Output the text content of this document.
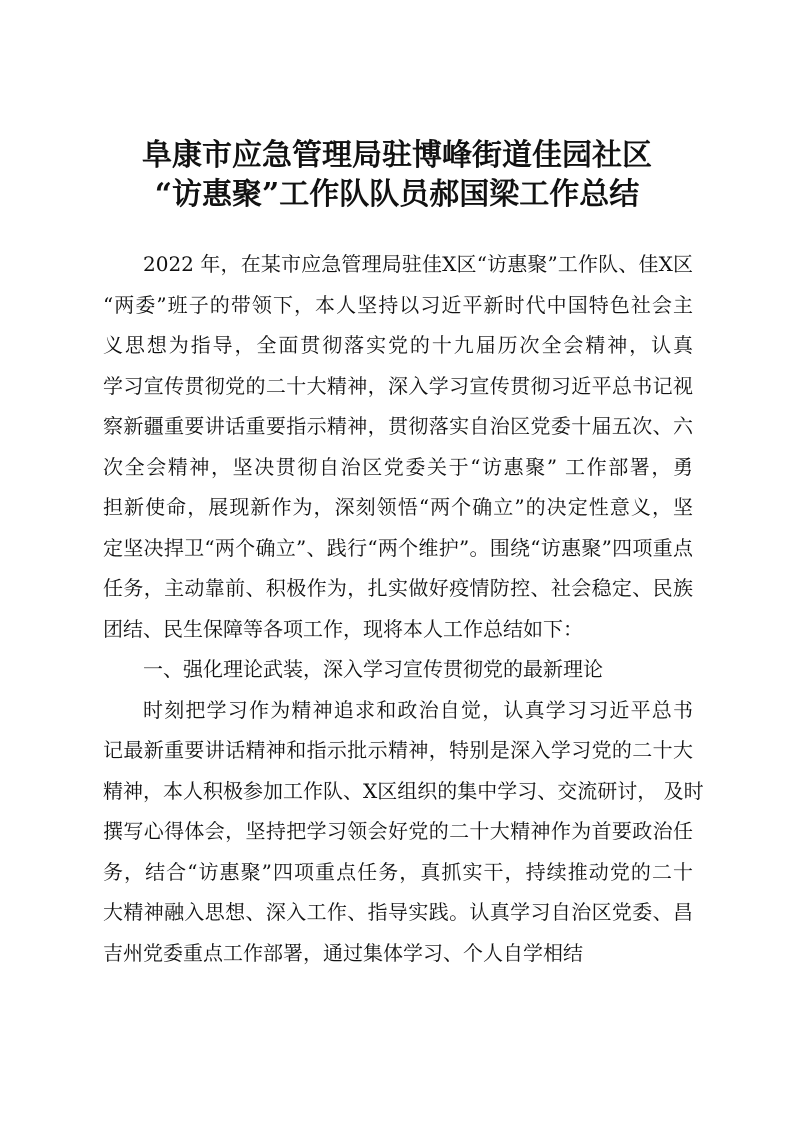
阜康市应急管理局驻博峰街道佳园社区
“访惠聚”工作队队员郝国梁工作总结
2022 年，在某市应急管理局驻佳X区“访惠聚”工作队、佳X区
“两委”班子的带领下，本人坚持以习近平新时代中国特色社会主
义思想为指导，全面贯彻落实党的十九届历次全会精神，认真
学习宣传贯彻党的二十大精神，深入学习宣传贯彻习近平总书记视
察新疆重要讲话重要指示精神，贯彻落实自治区党委十届五次、六
次全会精神，坚决贯彻自治区党委关于“访惠聚” 工作部署，勇
担新使命，展现新作为，深刻领悟“两个确立”的决定性意义，坚
定坚决捍卫“两个确立”、践行“两个维护”。围绕“访惠聚”四项重点
任务，主动靠前、积极作为，扎实做好疫情防控、社会稳定、民族
团结、民生保障等各项工作，现将本人工作总结如下：
一、强化理论武装，深入学习宣传贯彻党的最新理论
时刻把学习作为精神追求和政治自觉，认真学习习近平总书
记最新重要讲话精神和指示批示精神，特别是深入学习党的二十大
精神，本人积极参加工作队、X区组织的集中学习、交流研讨， 及时
撰写心得体会，坚持把学习领会好党的二十大精神作为首要政治任
务，结合“访惠聚”四项重点任务，真抓实干，持续推动党的二十
大精神融入思想、深入工作、指导实践。认真学习自治区党委、昌
吉州党委重点工作部署，通过集体学习、个人自学相结
